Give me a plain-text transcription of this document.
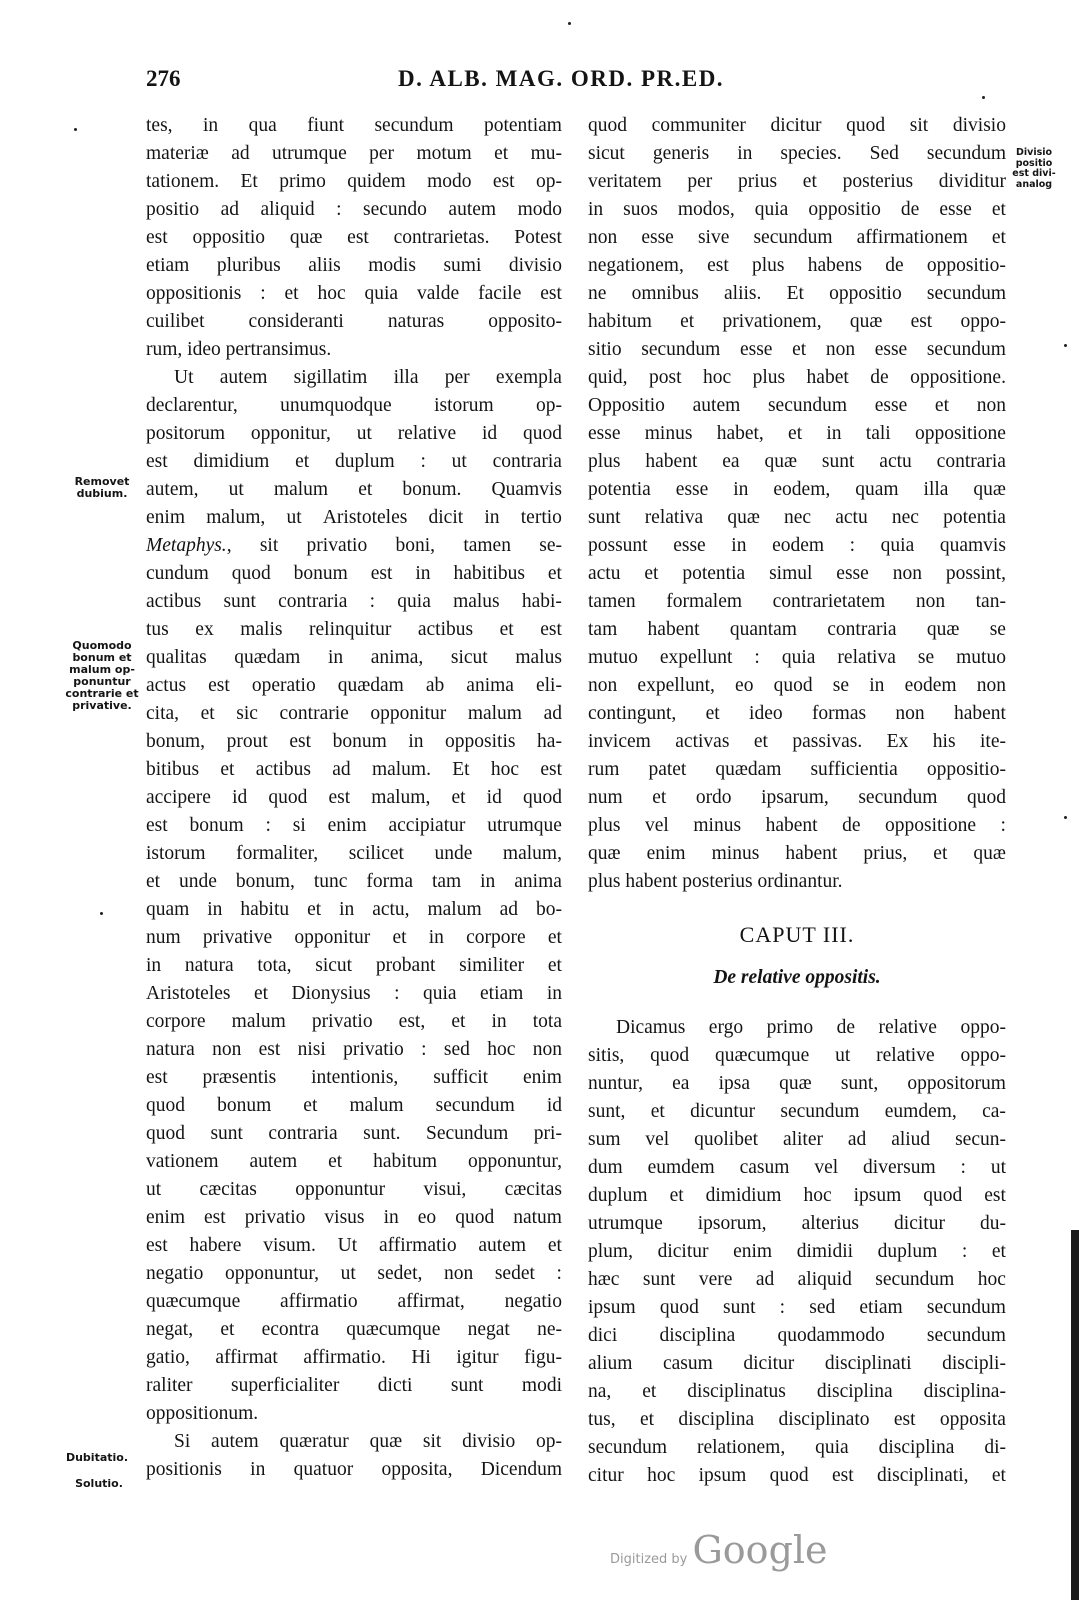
276	D. ALB. MAG. ORD. PR.ED.
tes, in qua fiunt secundum potentiam
materiæ ad utrumque per motum et mu-
tationem. Et primo quidem modo est op-
positio ad aliquid : secundo autem modo
est oppositio quæ est contrarietas. Potest
etiam pluribus aliis modis sumi divisio
oppositionis : et hoc quia valde facile est
cuilibet consideranti naturas opposito-
rum, ideo pertransimus.
Ut autem sigillatim illa per exempla
declarentur, unumquodque istorum op-
positorum opponitur, ut relative id quod
est dimidium et duplum : ut contraria
autem, ut malum et bonum. Quamvis
enim malum, ut Aristoteles dicit in tertio
Metaphys., sit privatio boni, tamen se-
cundum quod bonum est in habitibus et
actibus sunt contraria : quia malus habi-
tus ex malis relinquitur actibus et est
qualitas quædam in anima, sicut malus
actus est operatio quædam ab anima eli-
cita, et sic contrarie opponitur malum ad
bonum, prout est bonum in oppositis ha-
bitibus et actibus ad malum. Et hoc est
accipere id quod est malum, et id quod
est bonum : si enim accipiatur utrumque
istorum formaliter, scilicet unde malum,
et unde bonum, tunc forma tam in anima
quam in habitu et in actu, malum ad bo-
num privative opponitur et in corpore et
in natura tota, sicut probant similiter et
Aristoteles et Dionysius : quia etiam in
corpore malum privatio est, et in tota
natura non est nisi privatio : sed hoc non
est præsentis intentionis, sufficit enim
quod bonum et malum secundum id
quod sunt contraria sunt. Secundum pri-
vationem autem et habitum opponuntur,
ut cæcitas opponuntur visui, cæcitas
enim est privatio visus in eo quod natum
est habere visum. Ut affirmatio autem et
negatio opponuntur, ut sedet, non sedet :
quæcumque affirmatio affirmat, negatio
negat, et econtra quæcumque negat ne-
gatio, affirmat affirmatio. Hi igitur figu-
raliter superficialiter dicti sunt modi
oppositionum.
Si autem quæratur quæ sit divisio op-
positionis in quatuor opposita, Dicendum
quod communiter dicitur quod sit divisio
sicut generis in species. Sed secundum
veritatem per prius et posterius dividitur
in suos modos, quia oppositio de esse et
non esse sive secundum affirmationem et
negationem, est plus habens de oppositio-
ne omnibus aliis. Et oppositio secundum
habitum et privationem, quæ est oppo-
sitio secundum esse et non esse secundum
quid, post hoc plus habet de oppositione.
Oppositio autem secundum esse et non
esse minus habet, et in tali oppositione
plus habent ea quæ sunt actu contraria
potentia esse in eodem, quam illa quæ
sunt relativa quæ nec actu nec potentia
possunt esse in eodem : quia quamvis
actu et potentia simul esse non possint,
tamen formalem contrarietatem non tan-
tam habent quantam contraria quæ se
mutuo expellunt : quia relativa se mutuo
non expellunt, eo quod se in eodem non
contingunt, et ideo formas non habent
invicem activas et passivas. Ex his ite-
rum patet quædam sufficientia oppositio-
num et ordo ipsarum, secundum quod
plus vel minus habent de oppositione :
quæ enim minus habent prius, et quæ
plus habent posterius ordinantur.
CAPUT III.
De relative oppositis.
Dicamus ergo primo de relative oppo-
sitis, quod quæcumque ut relative oppo-
nuntur, ea ipsa quæ sunt, oppositorum
sunt, et dicuntur secundum eumdem, ca-
sum vel quolibet aliter ad aliud secun-
dum eumdem casum vel diversum : ut
duplum et dimidium hoc ipsum quod est
utrumque ipsorum, alterius dicitur du-
plum, dicitur enim dimidii duplum : et
hæc sunt vere ad aliquid secundum hoc
ipsum quod sunt : sed etiam secundum
dici disciplina quodammodo secundum
alium casum dicitur disciplinati discipli-
na, et disciplinatus disciplina disciplina-
tus, et disciplina disciplinato est opposita
secundum relationem, quia disciplina di-
citur hoc ipsum quod est disciplinati, et
Removet
dubium.
Quomodo
bonum et
malum op-
ponuntur
contrarie et
privative.
Dubitatio.
Solutio.
Divisio
positio
est divi-
analog
Digitized by Google
